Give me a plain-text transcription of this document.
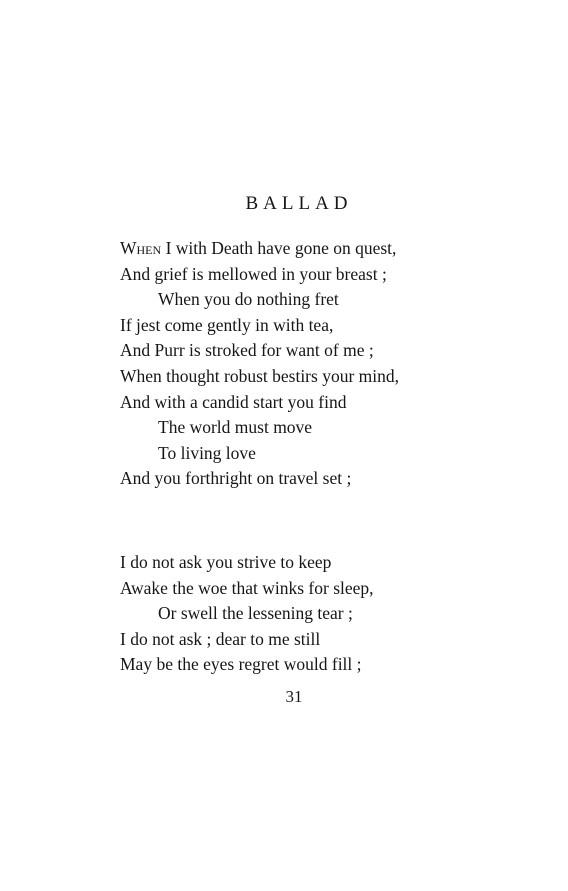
BALLAD
When I with Death have gone on quest,
And grief is mellowed in your breast ;
When you do nothing fret
If jest come gently in with tea,
And Purr is stroked for want of me ;
When thought robust bestirs your mind,
And with a candid start you find
The world must move
To living love
And you forthright on travel set ;
I do not ask you strive to keep
Awake the woe that winks for sleep,
Or swell the lessening tear ;
I do not ask ; dear to me still
May be the eyes regret would fill ;
31
